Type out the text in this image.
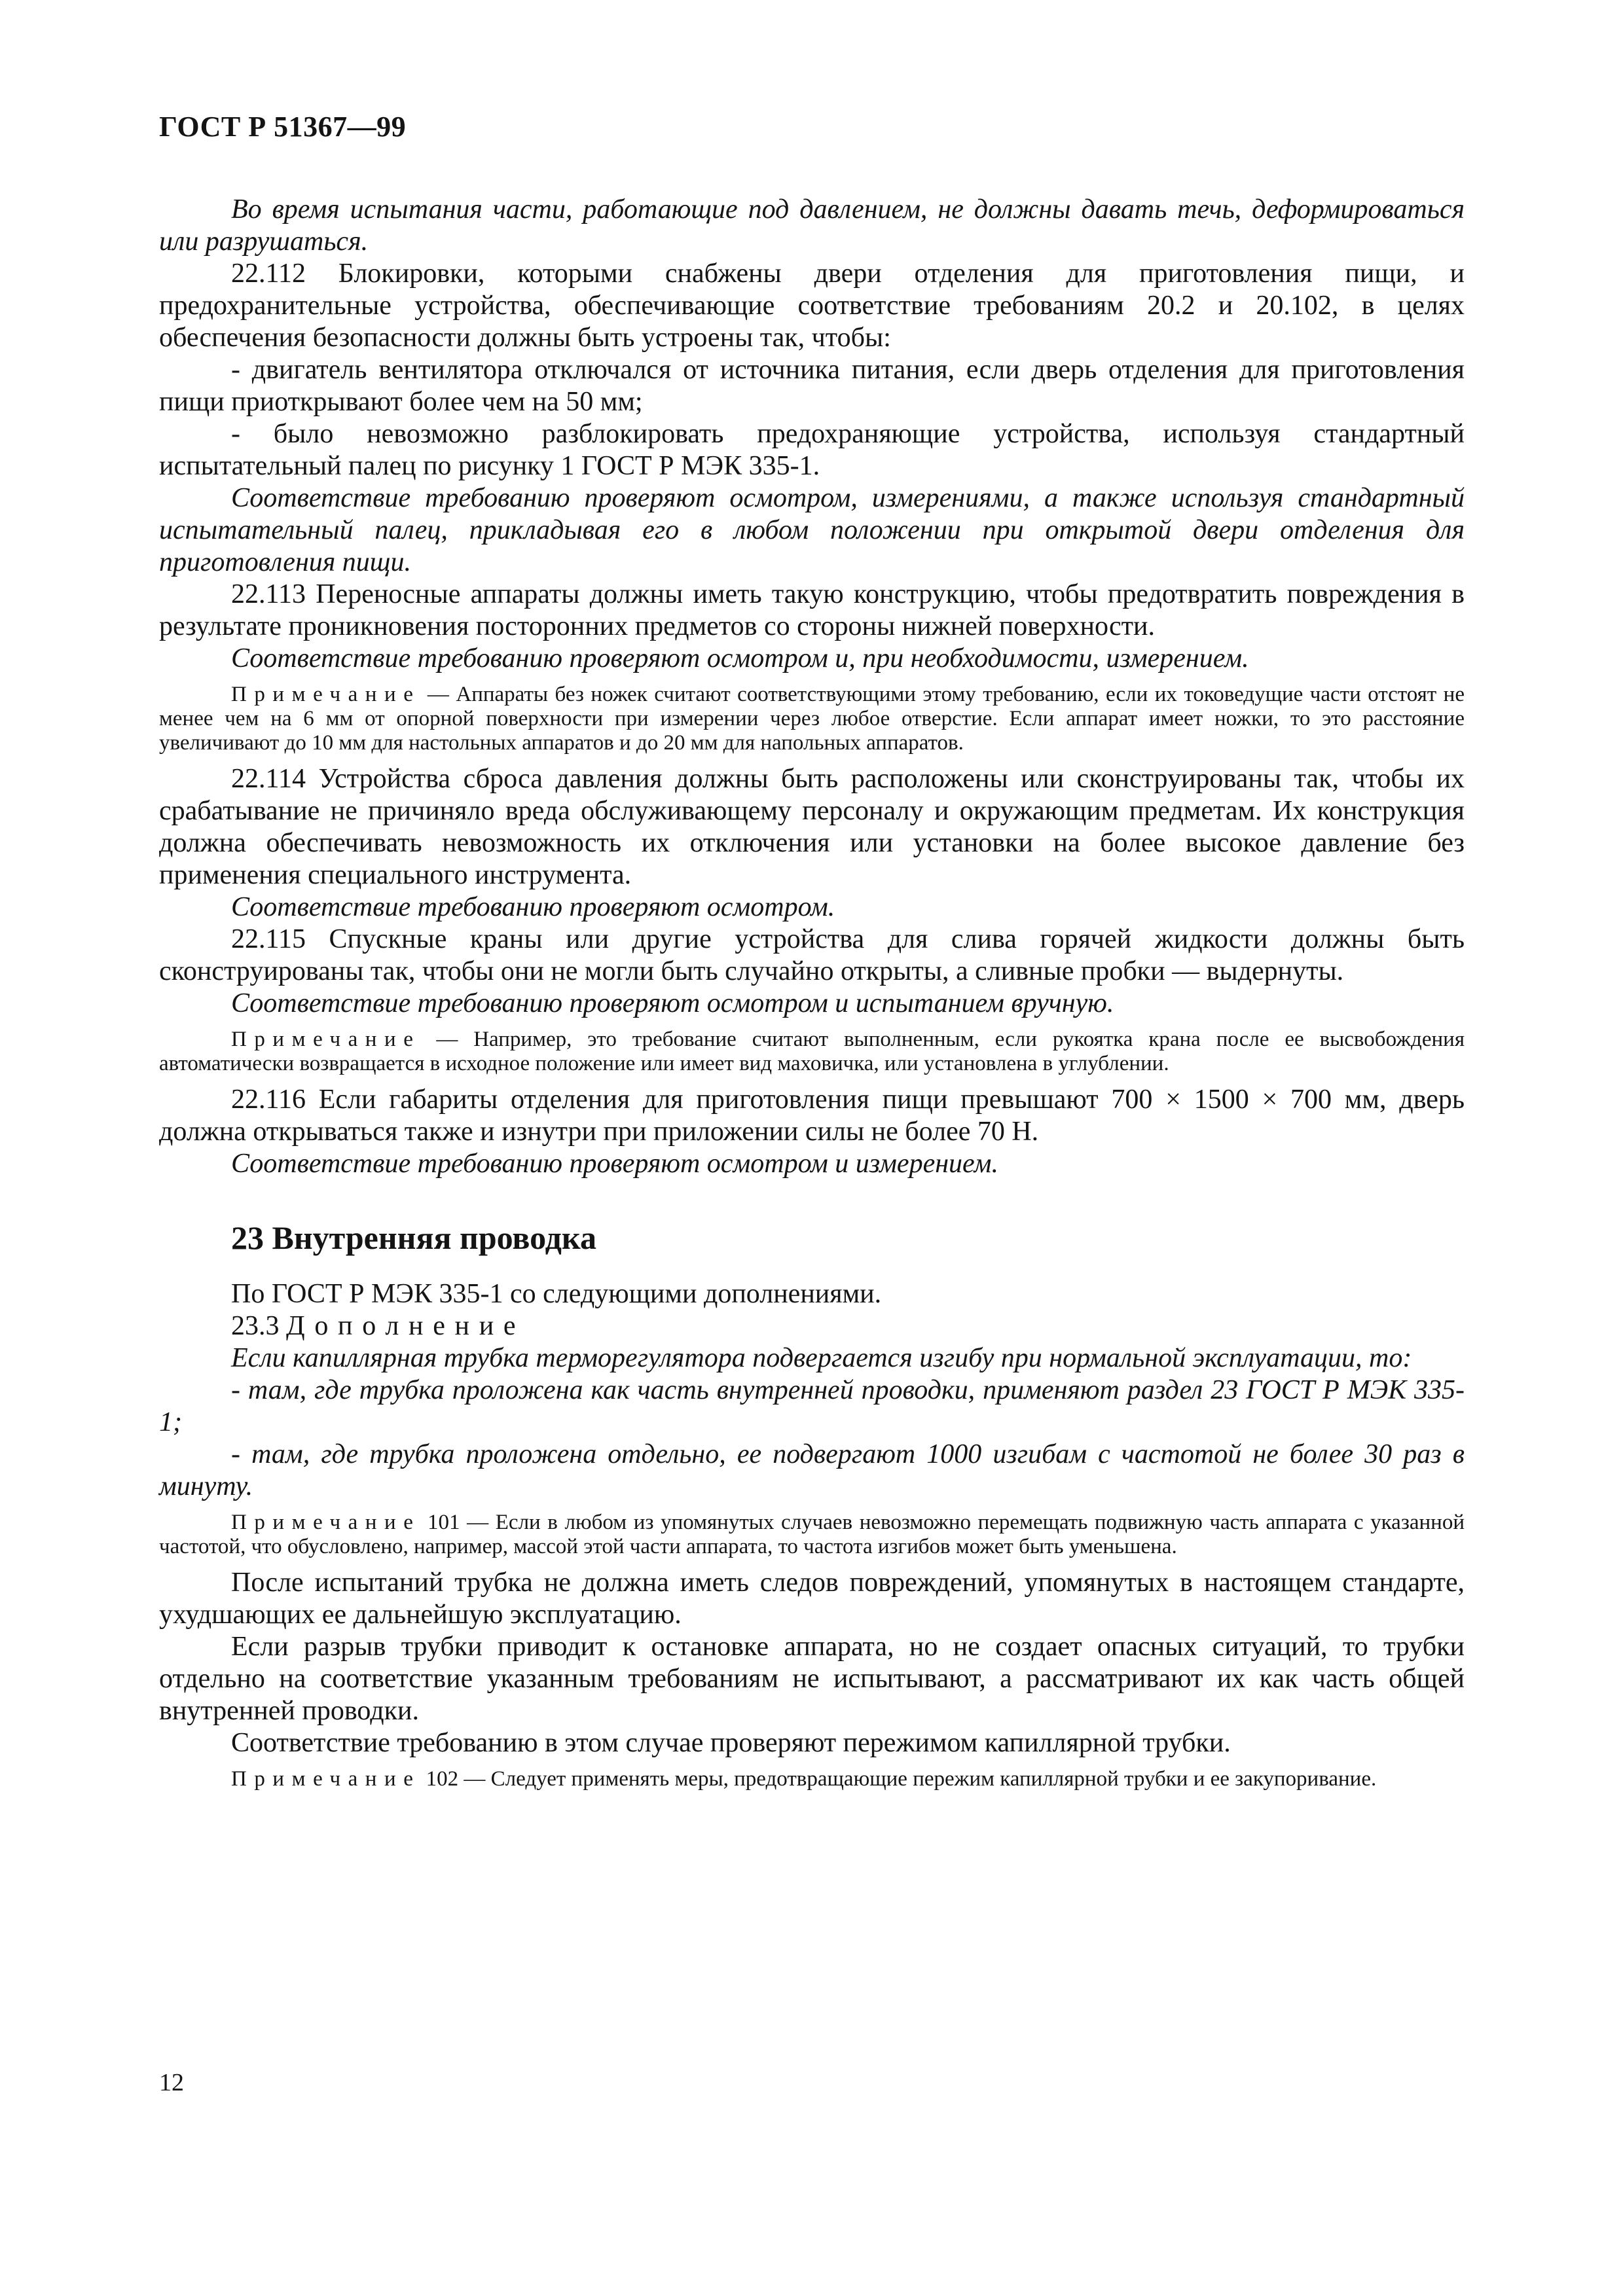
ГОСТ Р 51367—99

Во время испытания части, работающие под давлением, не должны давать течь, деформироваться или разрушаться.

22.112 Блокировки, которыми снабжены двери отделения для приготовления пищи, и предохранительные устройства, обеспечивающие соответствие требованиям 20.2 и 20.102, в целях обеспечения безопасности должны быть устроены так, чтобы:

- двигатель вентилятора отключался от источника питания, если дверь отделения для приготовления пищи приоткрывают более чем на 50 мм;

- было невозможно разблокировать предохраняющие устройства, используя стандартный испытательный палец по рисунку 1 ГОСТ Р МЭК 335-1.

Соответствие требованию проверяют осмотром, измерениями, а также используя стандартный испытательный палец, прикладывая его в любом положении при открытой двери отделения для приготовления пищи.

22.113 Переносные аппараты должны иметь такую конструкцию, чтобы предотвратить повреждения в результате проникновения посторонних предметов со стороны нижней поверхности.

Соответствие требованию проверяют осмотром и, при необходимости, измерением.

Примечание — Аппараты без ножек считают соответствующими этому требованию, если их токоведущие части отстоят не менее чем на 6 мм от опорной поверхности при измерении через любое отверстие. Если аппарат имеет ножки, то это расстояние увеличивают до 10 мм для настольных аппаратов и до 20 мм для напольных аппаратов.

22.114 Устройства сброса давления должны быть расположены или сконструированы так, чтобы их срабатывание не причиняло вреда обслуживающему персоналу и окружающим предметам. Их конструкция должна обеспечивать невозможность их отключения или установки на более высокое давление без применения специального инструмента.

Соответствие требованию проверяют осмотром.

22.115 Спускные краны или другие устройства для слива горячей жидкости должны быть сконструированы так, чтобы они не могли быть случайно открыты, а сливные пробки — выдернуты.

Соответствие требованию проверяют осмотром и испытанием вручную.

Примечание — Например, это требование считают выполненным, если рукоятка крана после ее высвобождения автоматически возвращается в исходное положение или имеет вид маховичка, или установлена в углублении.

22.116 Если габариты отделения для приготовления пищи превышают 700 × 1500 × 700 мм, дверь должна открываться также и изнутри при приложении силы не более 70 Н.

Соответствие требованию проверяют осмотром и измерением.

23 Внутренняя проводка

По ГОСТ Р МЭК 335-1 со следующими дополнениями.

23.3 Дополнение

Если капиллярная трубка терморегулятора подвергается изгибу при нормальной эксплуатации, то:

- там, где трубка проложена как часть внутренней проводки, применяют раздел 23 ГОСТ Р МЭК 335-1;

- там, где трубка проложена отдельно, ее подвергают 1000 изгибам с частотой не более 30 раз в минуту.

Примечание 101 — Если в любом из упомянутых случаев невозможно перемещать подвижную часть аппарата с указанной частотой, что обусловлено, например, массой этой части аппарата, то частота изгибов может быть уменьшена.

После испытаний трубка не должна иметь следов повреждений, упомянутых в настоящем стандарте, ухудшающих ее дальнейшую эксплуатацию.

Если разрыв трубки приводит к остановке аппарата, но не создает опасных ситуаций, то трубки отдельно на соответствие указанным требованиям не испытывают, а рассматривают их как часть общей внутренней проводки.

Соответствие требованию в этом случае проверяют пережимом капиллярной трубки.

Примечание 102 — Следует применять меры, предотвращающие пережим капиллярной трубки и ее закупоривание.

12
